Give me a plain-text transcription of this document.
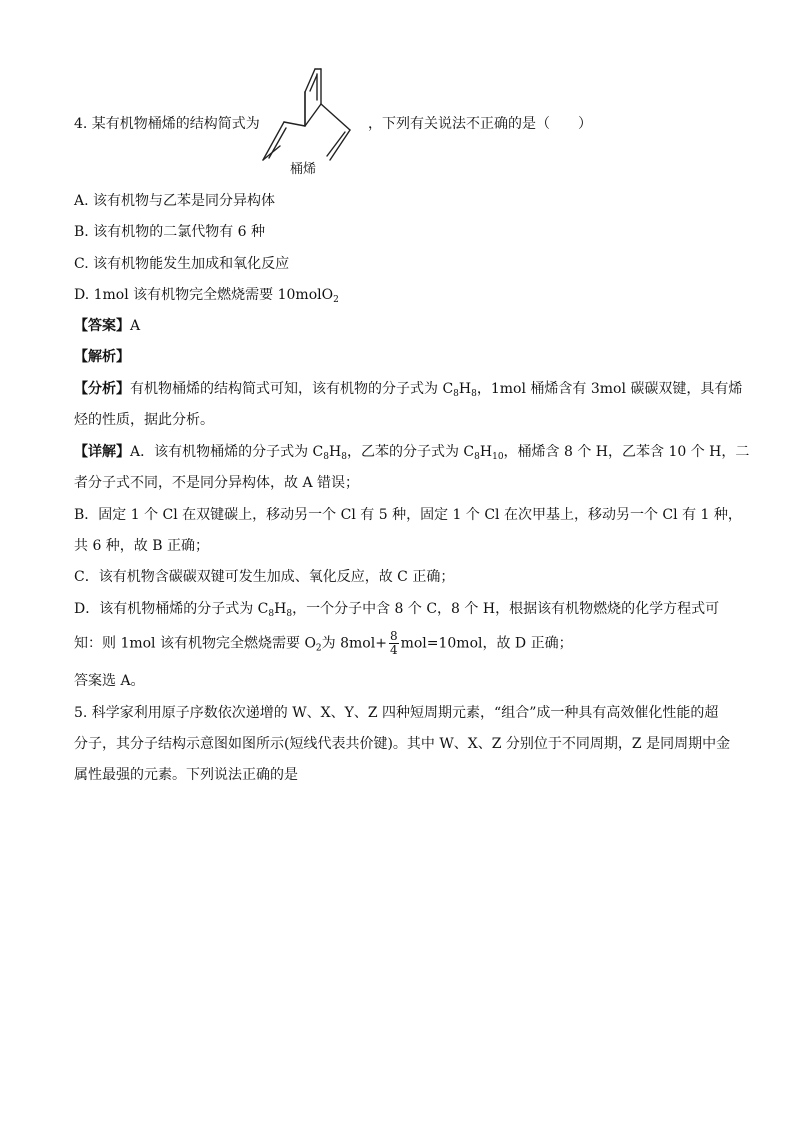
4. 某有机物桶烯的结构简式为
桶烯
，下列有关说法不正确的是（　　）
A. 该有机物与乙苯是同分异构体
B. 该有机物的二氯代物有 6 种
C. 该有机物能发生加成和氧化反应
D. 1mol 该有机物完全燃烧需要 10molO$_2$
【答案】A
【解析】
【分析】有机物桶烯的结构简式可知，该有机物的分子式为 $C_8H_8$，1mol 桶烯含有 3mol 碳碳双键，具有烯
烃的性质，据此分析。
【详解】A．该有机物桶烯的分子式为 $C_8H_8$，乙苯的分子式为 $C_8H_{10}$，桶烯含 8 个 H，乙苯含 10 个 H，二
者分子式不同，不是同分异构体，故 A 错误；
B．固定 1 个 Cl 在双键碳上，移动另一个 Cl 有 5 种，固定 1 个 Cl 在次甲基上，移动另一个 Cl 有 1 种，
共 6 种，故 B 正确；
C．该有机物含碳碳双键可发生加成、氧化反应，故 C 正确；
D．该有机物桶烯的分子式为 $C_8H_8$，一个分子中含 8 个 C，8 个 H，根据该有机物燃烧的化学方程式可
知：则 1mol 该有机物完全燃烧需要 $O_2$为 $8mol+ \frac{8}{4} mol=10mol$，故 D 正确；
答案选 A。
5. 科学家利用原子序数依次递增的 W、X、Y、Z 四种短周期元素，“组合”成一种具有高效催化性能的超
分子，其分子结构示意图如图所示(短线代表共价键)。其中 W、X、Z 分别位于不同周期，Z 是同周期中金
属性最强的元素。下列说法正确的是
